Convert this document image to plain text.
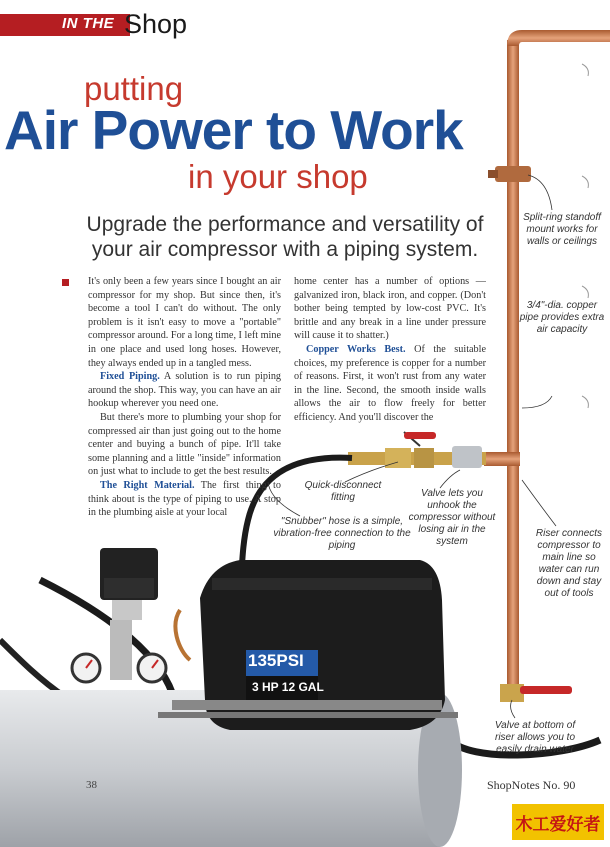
IN THE Shop
putting
Air Power to Work
in your shop
Upgrade the performance and versatility of your air compressor with a piping system.
135PSI
3 HP 12 GAL

It's only been a few years since I bought an air compressor for my shop. But since then, it's become a tool I can't do without. The only problem is it isn't easy to move a "portable" compressor around. For a long time, I left mine in one place and used long hoses. However, they always ended up in a tangled mess.

Fixed Piping. A solution is to run piping around the shop. This way, you can have an air hookup wherever you need one.

But there's more to plumbing your shop for compressed air than just going out to the home center and buying a bunch of pipe. It'll take some planning and a little "inside" information on just what to include to get the best results.

The Right Material. The first thing to think about is the type of piping to use. A stop in the plumbing aisle at your local

home center has a number of options — galvanized iron, black iron, and copper. (Don't bother being tempted by low-cost PVC. It's brittle and any break in a line under pressure will cause it to shatter.)

Copper Works Best. Of the suitable choices, my preference is copper for a number of reasons. First, it won't rust from any water in the line. Second, the smooth inside walls allows the air to flow freely for better efficiency. And you'll discover the

Split-ring standoff mount works for walls or ceilings
3/4"-dia. copper pipe provides extra air capacity
Quick-disconnect fitting	Valve lets you unhook the compressor without losing air in the system
"Snubber" hose is a simple, vibration-free connection to the piping
Riser connects compressor to main line so water can run down and stay out of tools
Valve at bottom of riser allows you to easily drain water
38	ShopNotes No. 90
木工爱好者
